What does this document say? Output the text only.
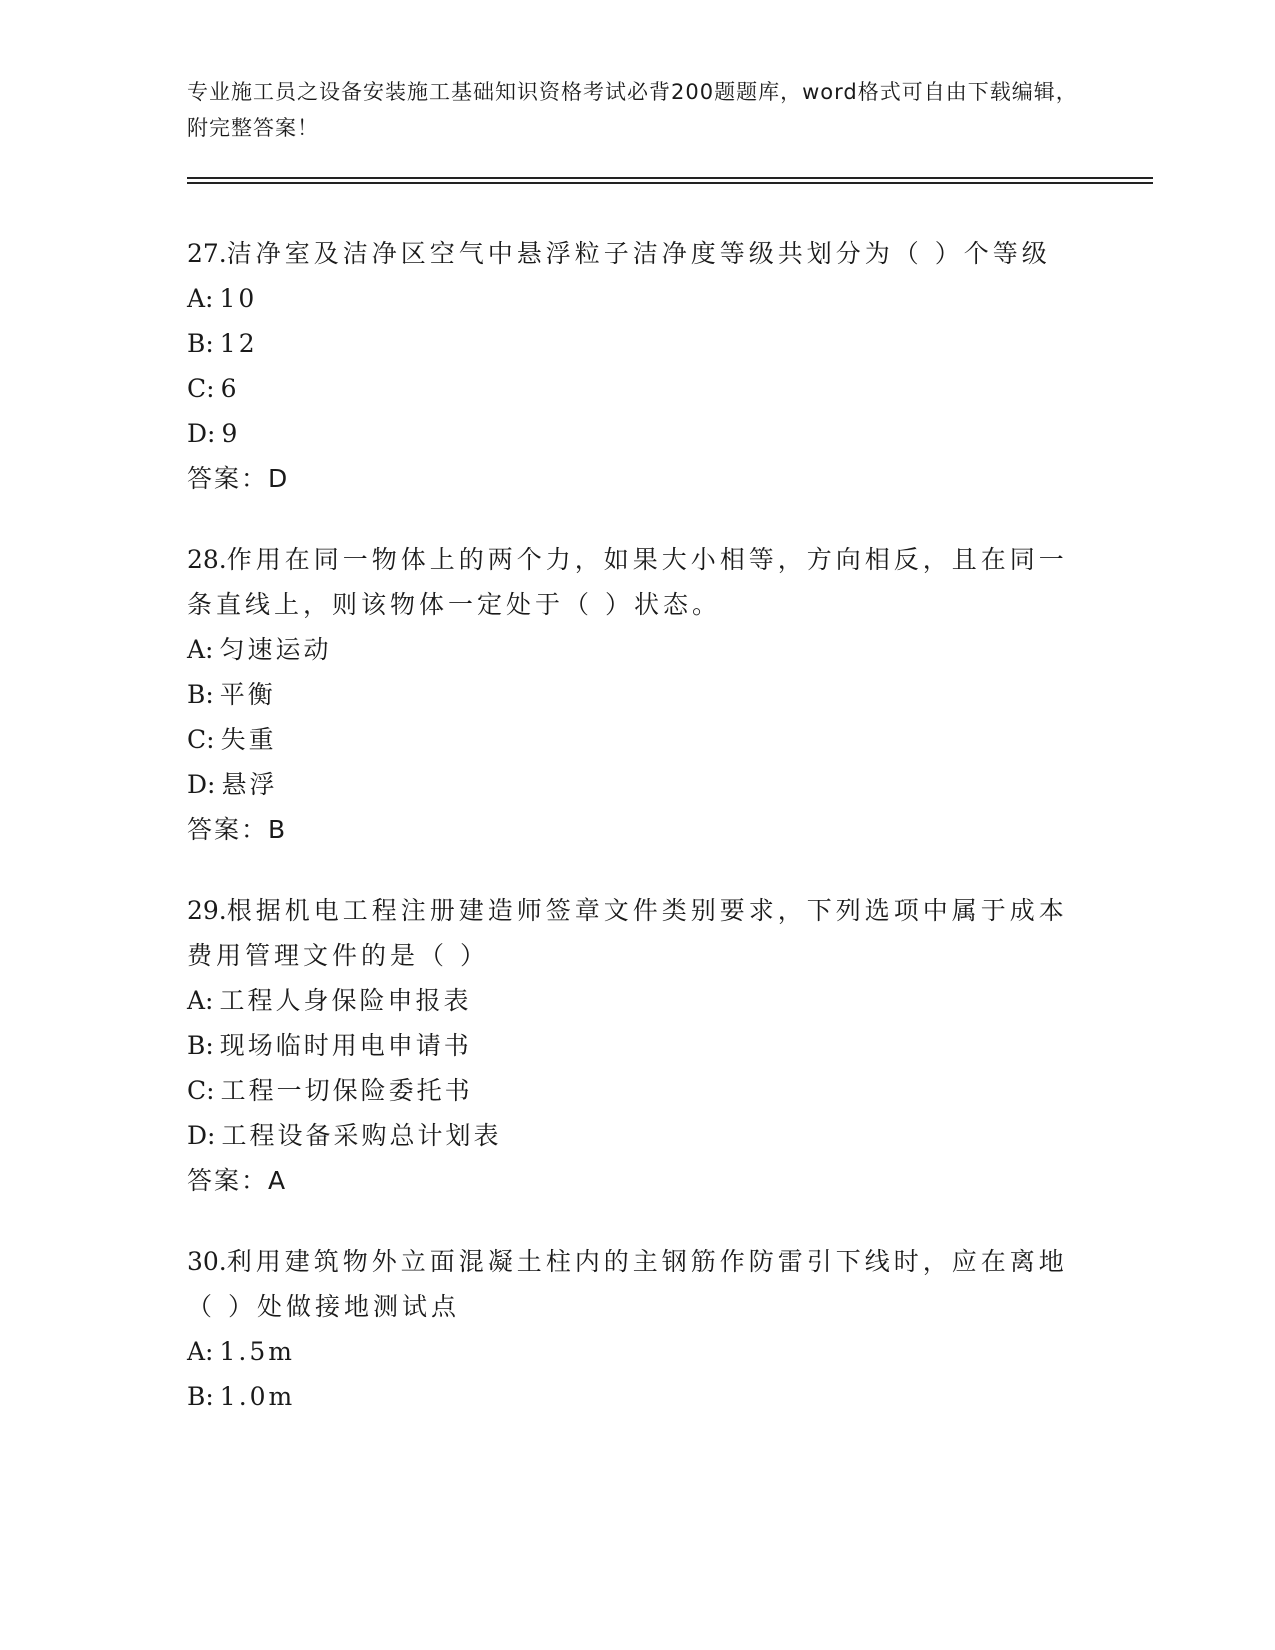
专业施工员之设备安装施工基础知识资格考试必背200题题库，word格式可自由下载编辑，附完整答案！

27.洁净室及洁净区空气中悬浮粒子洁净度等级共划分为（ ）个等级

A: 10

B: 12

C: 6

D: 9

答案：D

28.作用在同一物体上的两个力，如果大小相等，方向相反，且在同一条直线上，则该物体一定处于（ ）状态。

A: 匀速运动

B: 平衡

C: 失重

D: 悬浮

答案：B

29.根据机电工程注册建造师签章文件类别要求，下列选项中属于成本费用管理文件的是（ ）

A: 工程人身保险申报表

B: 现场临时用电申请书

C: 工程一切保险委托书

D: 工程设备采购总计划表

答案：A

30.利用建筑物外立面混凝土柱内的主钢筋作防雷引下线时，应在离地（ ）处做接地测试点

A: 1.5m

B: 1.0m
